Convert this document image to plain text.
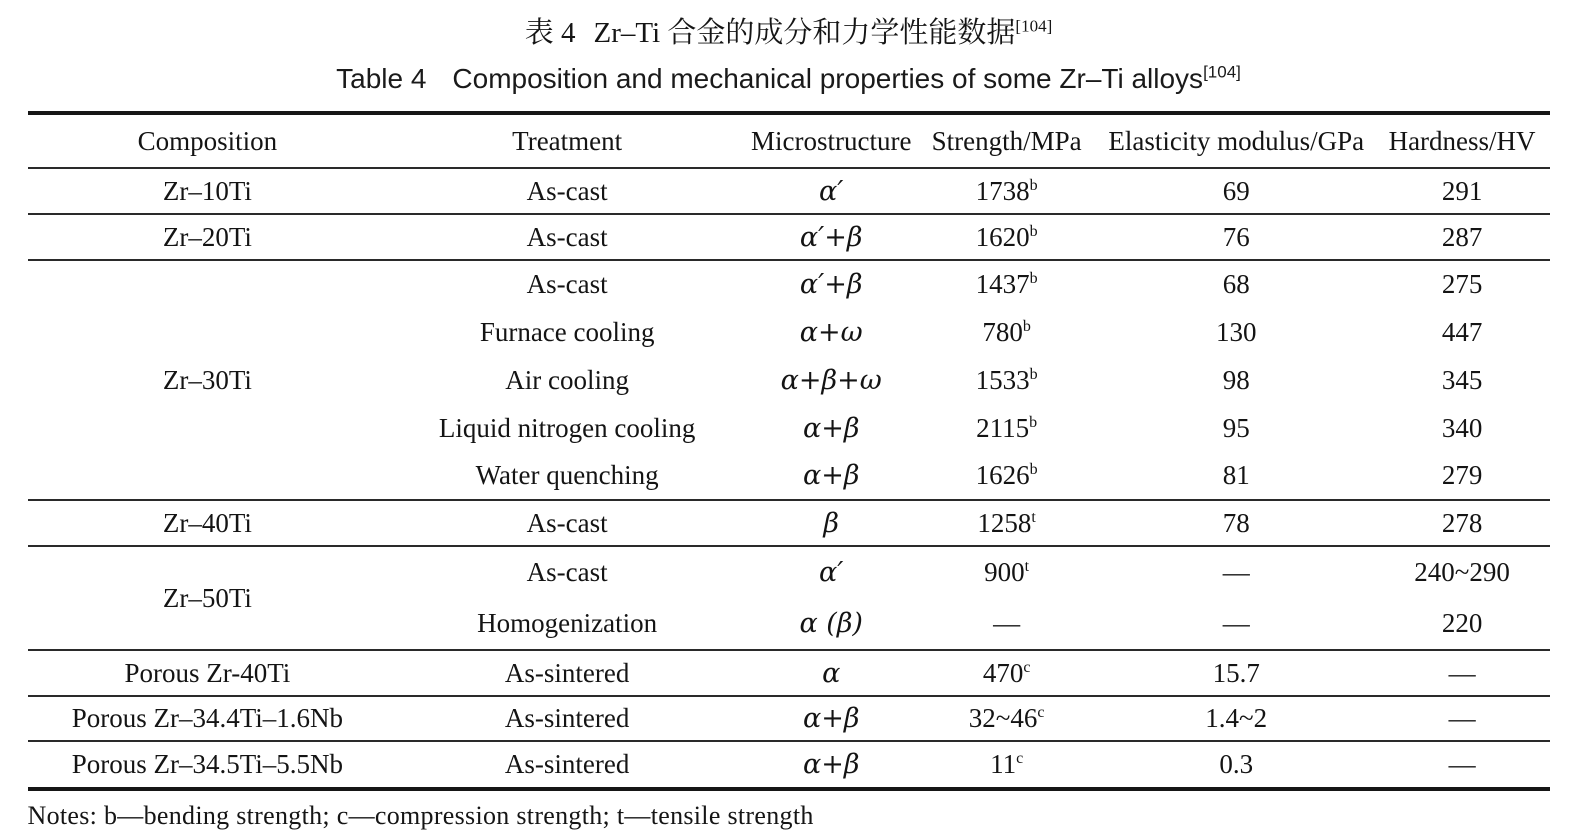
表 4 Zr–Ti 合金的成分和力学性能数据[104]
Table 4 Composition and mechanical properties of some Zr–Ti alloys[104]
Composition	Treatment	Microstructure	Strength/MPa	Elasticity modulus/GPa	Hardness/HV
Zr–10Ti	As-cast	α′	1738$^b$	69	291
Zr–20Ti	As-cast	α′+β	1620$^b$	76	287
Zr–30Ti	As-cast	α′+β	1437$^b$	68	275
	Furnace cooling	α+ω	780$^b$	130	447
	Air cooling	α+β+ω	1533$^b$	98	345
	Liquid nitrogen cooling	α+β	2115$^b$	95	340
	Water quenching	α+β	1626$^b$	81	279
Zr–40Ti	As-cast	β	1258$^t$	78	278
Zr–50Ti	As-cast	α′	900$^t$	—	240~290
	Homogenization	α (β)	—	—	220
Porous Zr-40Ti	As-sintered	α	470$^c$	15.7	—
Porous Zr–34.4Ti–1.6Nb	As-sintered	α+β	32~46$^c$	1.4~2	—
Porous Zr–34.5Ti–5.5Nb	As-sintered	α+β	11$^c$	0.3	—
Notes: b—bending strength; c—compression strength; t—tensile strength
